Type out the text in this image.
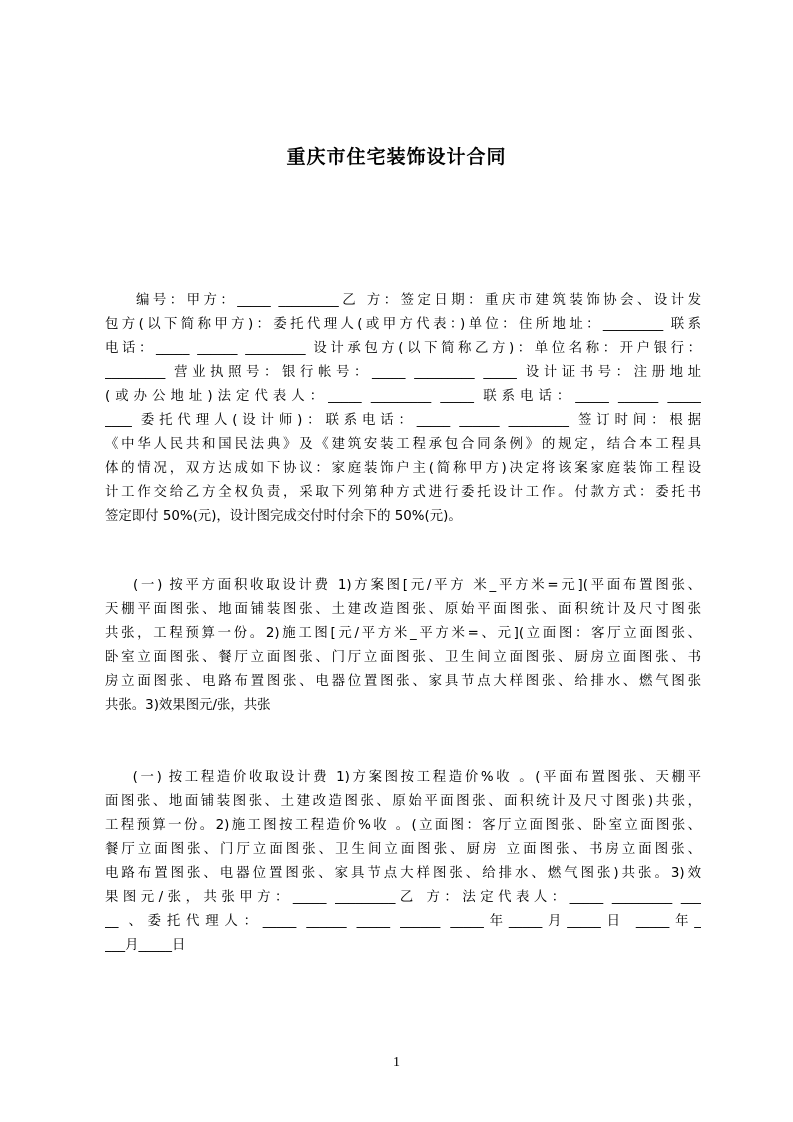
重庆市住宅装饰设计合同
编号：甲方：_____ _________乙 方：签定日期：重庆市建筑装饰协会、设计发
包方(以下简称甲方)：委托代理人(或甲方代表：)单位：住所地址：_________ 联系
电话：_____ ______ _________ 设计承包方(以下简称乙方)：单位名称：开户银行：
_________ 营业执照号：银行帐号：_____ _________ _____ 设计证书号：注册地址
(或办公地址)法定代表人：_____ _________ _____ 联系电话：_____ ______ _____
____ 委托代理人(设计师)：联系电话：_____ ______ _________ 签订时间：根据
《中华人民共和国民法典》及《建筑安装工程承包合同条例》的规定，结合本工程具
体的情况，双方达成如下协议：家庭装饰户主(简称甲方)决定将该案家庭装饰工程设
计工作交给乙方全权负责，采取下列第种方式进行委托设计工作。付款方式：委托书
签定即付 50%(元)，设计图完成交付时付余下的 50%(元)。
(一) 按平方面积收取设计费 1)方案图[元/平方 米_平方米=元](平面布置图张、
天棚平面图张、地面铺装图张、土建改造图张、原始平面图张、面积统计及尺寸图张
共张，工程预算一份。2)施工图[元/平方米_平方米=、元](立面图：客厅立面图张、
卧室立面图张、餐厅立面图张、门厅立面图张、卫生间立面图张、厨房立面图张、书
房立面图张、电路布置图张、电器位置图张、家具节点大样图张、给排水、燃气图张
共张。3)效果图元/张，共张
(一) 按工程造价收取设计费 1)方案图按工程造价%收 。(平面布置图张、天棚平
面图张、地面铺装图张、土建改造图张、原始平面图张、面积统计及尺寸图张)共张，
工程预算一份。2)施工图按工程造价%收 。(立面图：客厅立面图张、卧室立面图张、
餐厅立面图张、门厅立面图张、卫生间立面图张、厨房 立面图张、书房立面图张、
电路布置图张、电器位置图张、家具节点大样图张、给排水、燃气图张)共张。3)效
果图元/张，共张甲方：_____ _________乙 方：法定代表人：_____ _________ ___
__ 、委托代理人：_____ ______ _____ ______ _____年_____月_____日 _____年_
___月_____日
1
